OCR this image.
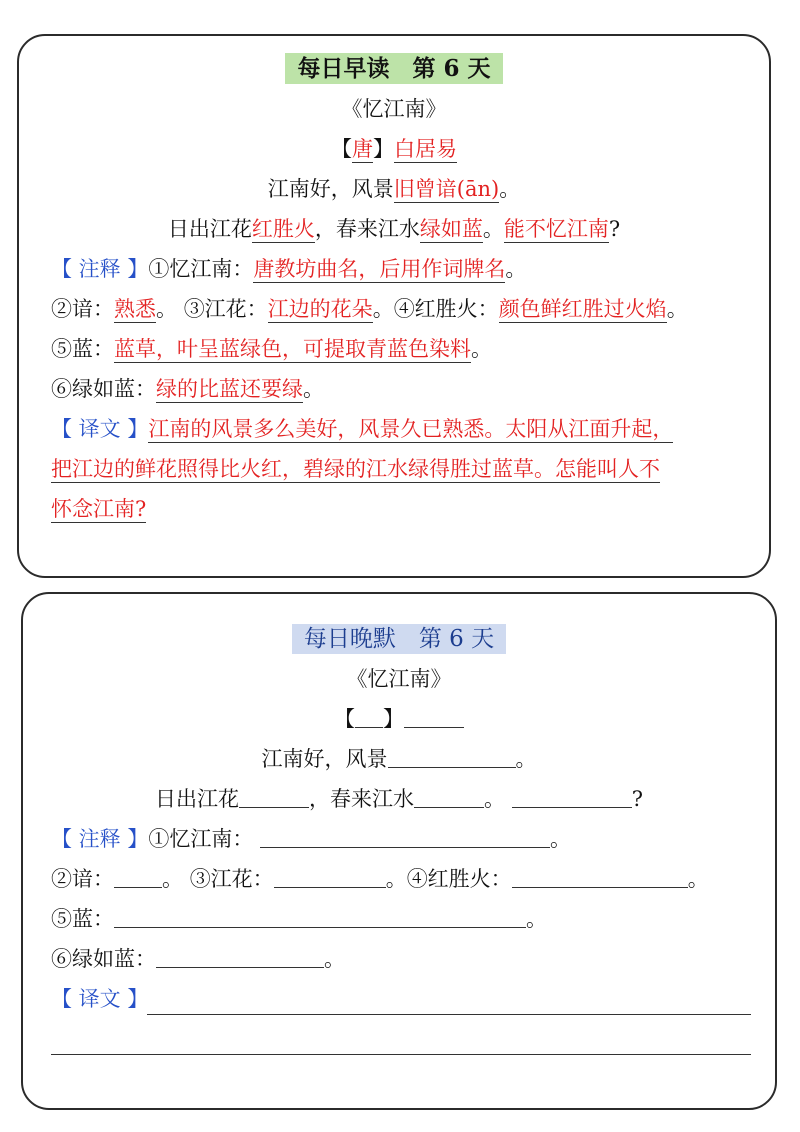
每日早读　第 6 天
《忆江南》
【唐】白居易
江南好，风景旧曾谙(ān)。
日出江花红胜火，春来江水绿如蓝。能不忆江南?
【 注释 】①忆江南：唐教坊曲名，后用作词牌名。
②谙：熟悉。 ③江花：江边的花朵。④红胜火：颜色鲜红胜过火焰。
⑤蓝：蓝草，叶呈蓝绿色，可提取青蓝色染料。
⑥绿如蓝：绿的比蓝还要绿。
【 译文 】江南的风景多么美好，风景久已熟悉。太阳从江面升起，
把江边的鲜花照得比火红，碧绿的江水绿得胜过蓝草。怎能叫人不
怀念江南?
每日晚默　第 6 天
《忆江南》
【 】
江南好，风景	。
日出江花	，春来江水	。	?
【 注释 】①忆江南：	。
②谙： 。 ③江花：	。④红胜火：	。
⑤蓝：	。
⑥绿如蓝：	。
【 译文 】
